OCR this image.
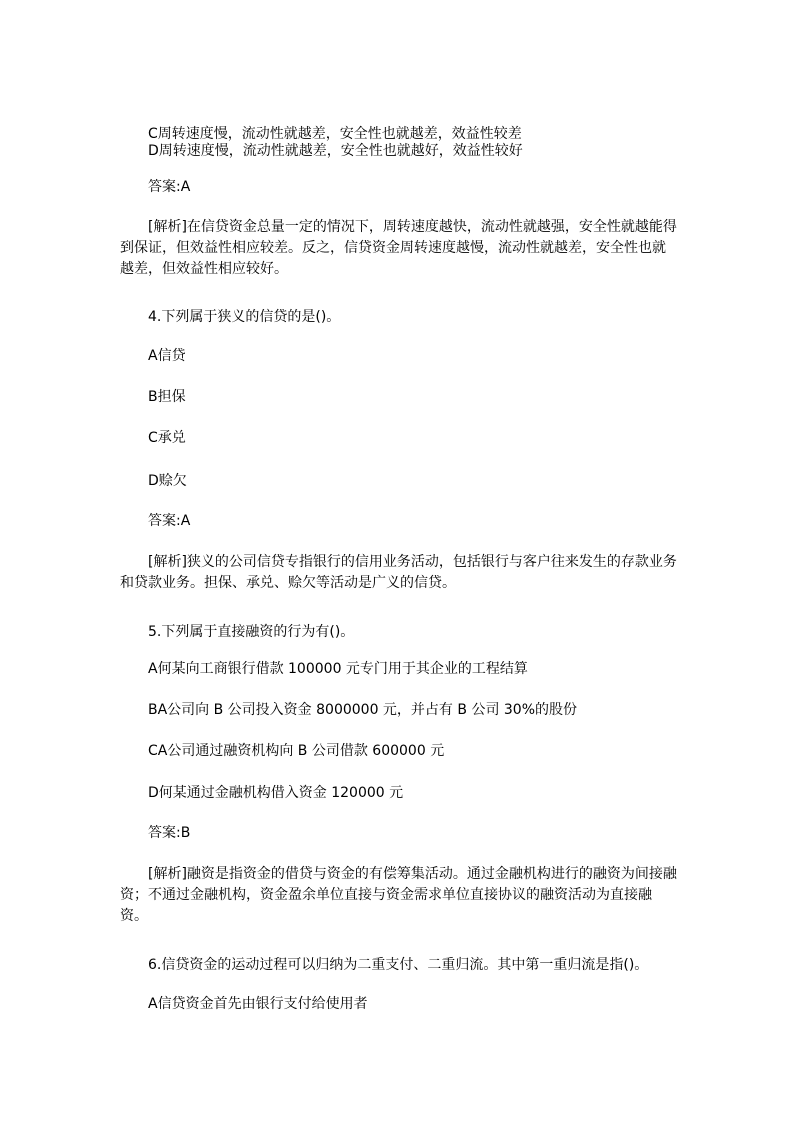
C周转速度慢，流动性就越差，安全性也就越差，效益性较差
D周转速度慢，流动性就越差，安全性也就越好，效益性较好
答案:A
[解析]在信贷资金总量一定的情况下，周转速度越快，流动性就越强，安全性就越能得到保证，但效益性相应较差。反之，信贷资金周转速度越慢，流动性就越差，安全性也就越差，但效益性相应较好。
4.下列属于狭义的信贷的是()。
A信贷
B担保
C承兑
D赊欠
答案:A
[解析]狭义的公司信贷专指银行的信用业务活动，包括银行与客户往来发生的存款业务和贷款业务。担保、承兑、赊欠等活动是广义的信贷。
5.下列属于直接融资的行为有()。
A何某向工商银行借款 100000 元专门用于其企业的工程结算
BA公司向 B 公司投入资金 8000000 元，并占有 B 公司 30%的股份
CA公司通过融资机构向 B 公司借款 600000 元
D何某通过金融机构借入资金 120000 元
答案:B
[解析]融资是指资金的借贷与资金的有偿筹集活动。通过金融机构进行的融资为间接融资；不通过金融机构，资金盈余单位直接与资金需求单位直接协议的融资活动为直接融资。
6.信贷资金的运动过程可以归纳为二重支付、二重归流。其中第一重归流是指()。
A信贷资金首先由银行支付给使用者
